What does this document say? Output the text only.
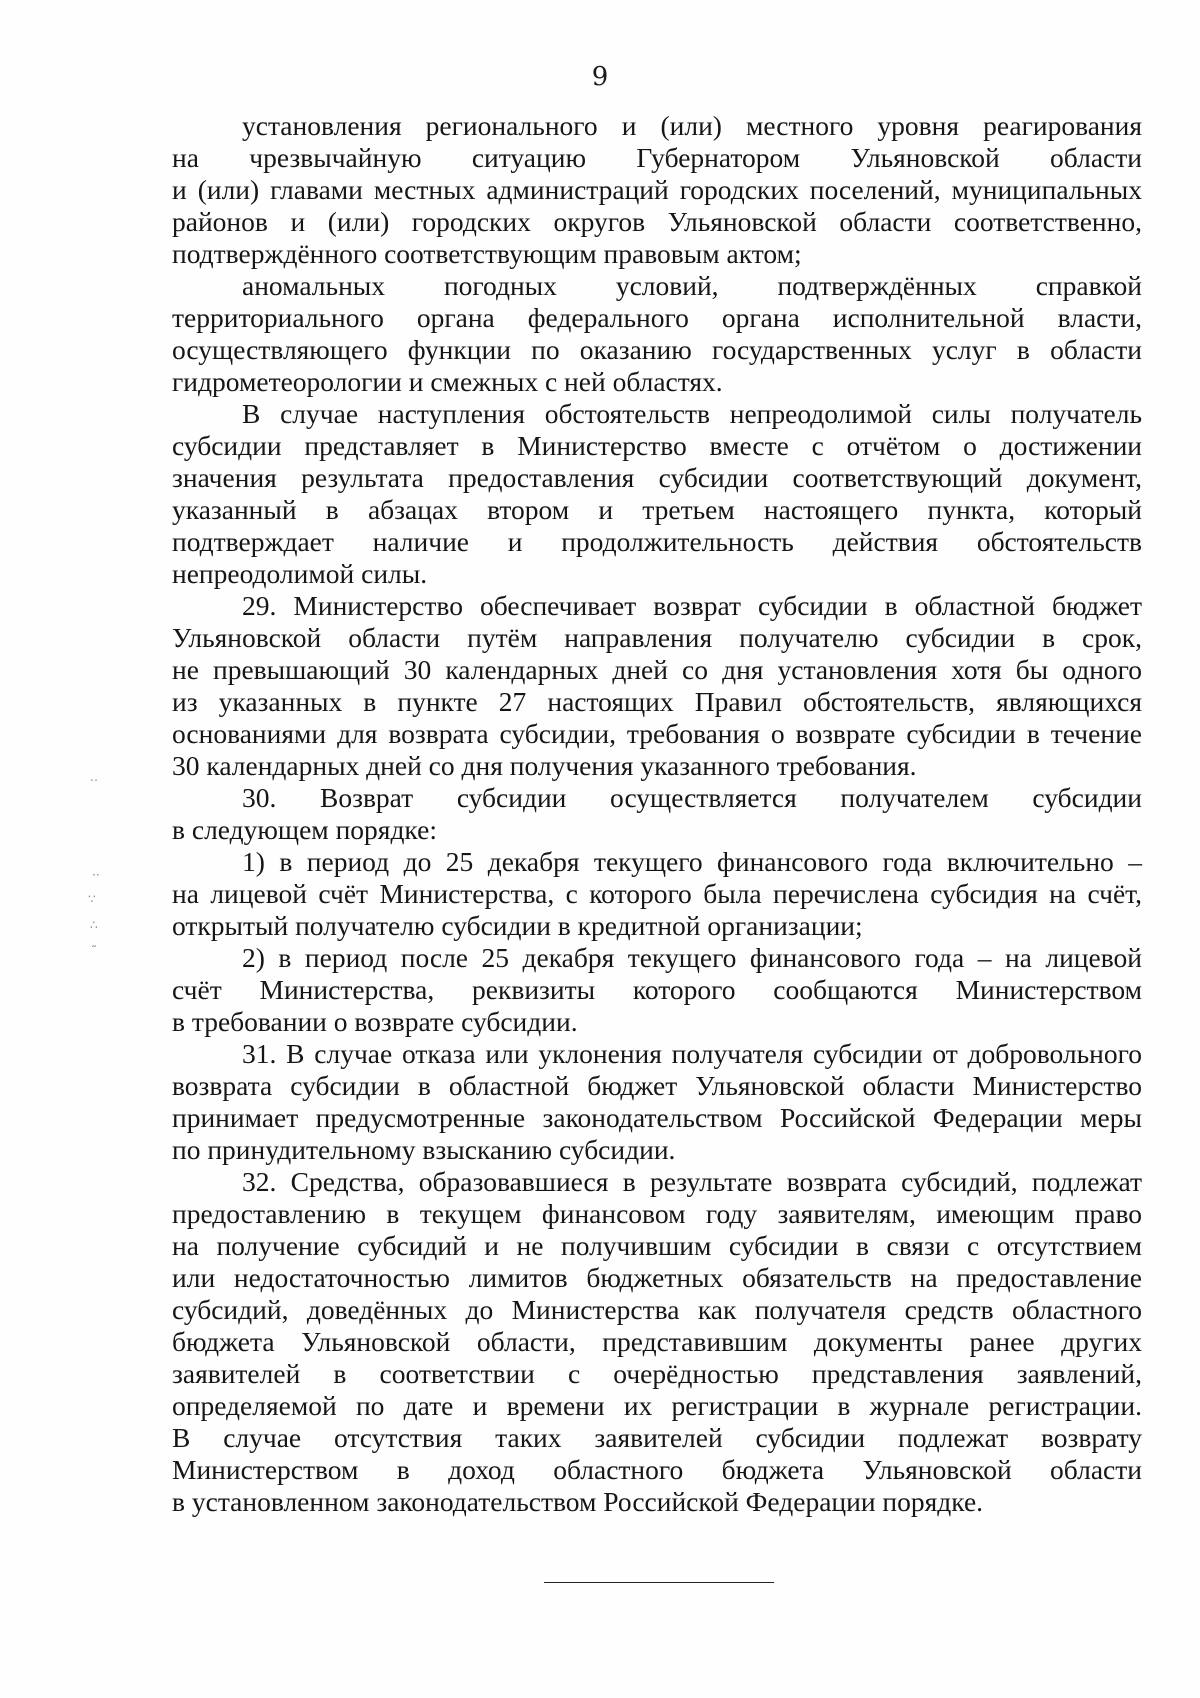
9
установления регионального и (или) местного уровня реагирования
на чрезвычайную ситуацию Губернатором Ульяновской области
и (или) главами местных администраций городских поселений, муниципальных
районов и (или) городских округов Ульяновской области соответственно,
подтверждённого соответствующим правовым актом;
аномальных погодных условий, подтверждённых справкой
территориального органа федерального органа исполнительной власти,
осуществляющего функции по оказанию государственных услуг в области
гидрометеорологии и смежных с ней областях.
В случае наступления обстоятельств непреодолимой силы получатель
субсидии представляет в Министерство вместе с отчётом о достижении
значения результата предоставления субсидии соответствующий документ,
указанный в абзацах втором и третьем настоящего пункта, который
подтверждает наличие и продолжительность действия обстоятельств
непреодолимой силы.
29. Министерство обеспечивает возврат субсидии в областной бюджет
Ульяновской области путём направления получателю субсидии в срок,
не превышающий 30 календарных дней со дня установления хотя бы одного
из указанных в пункте 27 настоящих Правил обстоятельств, являющихся
основаниями для возврата субсидии, требования о возврате субсидии в течение
30 календарных дней со дня получения указанного требования.
30. Возврат субсидии осуществляется получателем субсидии
в следующем порядке:
1) в период до 25 декабря текущего финансового года включительно –
на лицевой счёт Министерства, с которого была перечислена субсидия на счёт,
открытый получателю субсидии в кредитной организации;
2) в период после 25 декабря текущего финансового года – на лицевой
счёт Министерства, реквизиты которого сообщаются Министерством
в требовании о возврате субсидии.
31. В случае отказа или уклонения получателя субсидии от добровольного
возврата субсидии в областной бюджет Ульяновской области Министерство
принимает предусмотренные законодательством Российской Федерации меры
по принудительному взысканию субсидии.
32. Средства, образовавшиеся в результате возврата субсидий, подлежат
предоставлению в текущем финансовом году заявителям, имеющим право
на получение субсидий и не получившим субсидии в связи с отсутствием
или недостаточностью лимитов бюджетных обязательств на предоставление
субсидий, доведённых до Министерства как получателя средств областного
бюджета Ульяновской области, представившим документы ранее других
заявителей в соответствии с очерёдностью представления заявлений,
определяемой по дате и времени их регистрации в журнале регистрации.
В случае отсутствия таких заявителей субсидии подлежат возврату
Министерством в доход областного бюджета Ульяновской области
в установленном законодательством Российской Федерации порядке.
‥
··
∵
∴
˜
